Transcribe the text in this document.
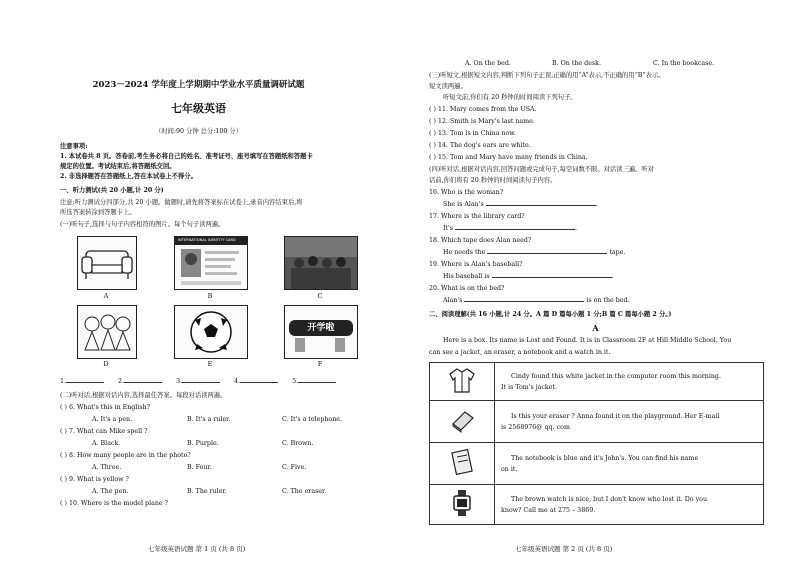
2023－2024 学年度上学期期中学业水平质量调研试题
七年级英语
（时间:90 分钟 总分:100 分）
注意事项:
1. 本试卷共 8 页。答卷前,考生务必将自己的姓名、准考证号、座号填写在答题纸和答题卡
规定的位置。考试结束后,将答题纸交回。
2. 非选择题答在答题纸上,答在本试卷上不得分。
一、听力测试(共 20 小题,计 20 分)
注意:听力测试分四部分,共 20 小题。做题时,请先将答案标在试卷上,录音内容结束后,将
所选答案转涂到答题卡上。
(一)听句子,选择与句子内容相符的图片。每个句子读两遍。
INTERNATIONAL IDENTITY CARD
A	B	C
开学啦
D	E	F
1.	2.	3.	4.	5.
(二)听对话,根据对话内容,选择最佳答案。每段对话读两遍。
( ) 6. What's this in English?
A. It's a pen.	B. It's a ruler.	C. It's a telephone.
( ) 7. What can Mike spell ?
A. Black.	B. Purple.	C. Brown.
( ) 8. How many people are in the photo?
A. Three.	B. Four.	C. Five.
( ) 9. What is yellow ?
A. The pen.	B. The ruler.	C. The eraser.
( ) 10. Where is the model plane ?
七年级英语试题 第 1 页 (共 8 页)
A. On the bed.	B. On the desk.	C. In the bookcase.
(三)听短文,根据短文内容,判断下列句子正误,正确的用“A”表示,不正确的用“B”表示。
短文读两遍。
听短文前,你们有 20 秒钟的时间阅读下列句子。
( ) 11. Mary comes from the USA.
( ) 12. Smith is Mary's last name.
( ) 13. Tom is in China now.
( ) 14. The dog's ears are white.
( ) 15. Tom and Mary have many friends in China.
(四)听对话,根据对话内容,回答问题或完成句子,每空词数不限。对话读三遍。听对
话前,你们将有 20 秒钟的时间阅读句子内容。
16. Who is the woman?
She is Alan's	.
17. Where is the library card?
It's	.
18. Which tape does Alan need?
He needs the	tape.
19. Where is Alan's baseball?
His baseball is	.
20. What is on the bed?
Alan's	is on the bed.
二、阅读理解(共 16 小题,计 24 分。A 篇 D 篇每小题 1 分;B 篇 C 篇每小题 2 分。)
A
Here is a box. Its name is Lost and Found. It is in Classroom 2F at Hill Middle School. You
can see a jacket, an eraser, a notebook and a watch in it.

Cindy found this white jacket in the computer room this morning.
It is Tom's jacket.

Is this your eraser ? Anna found it on the playground. Her E-mail
is 2568976@ qq. com

The notebook is blue and it's John's. You can find his name
on it.

The brown watch is nice, but I don't know who lost it. Do you
know? Call me at 275 – 3869.
七年级英语试题 第 2 页 (共 8 页)
